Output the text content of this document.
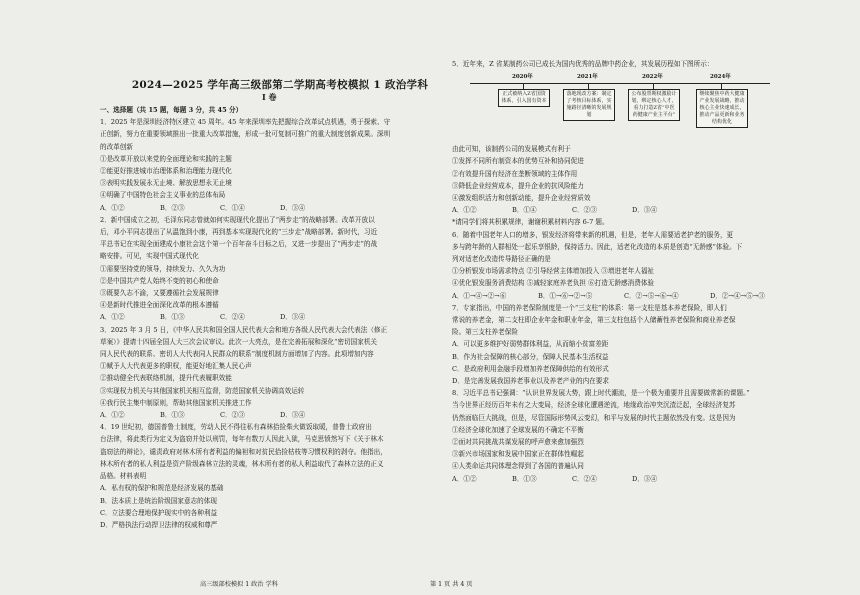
2024—2025 学年高三级部第二学期高考校模拟 1 政治学科
I 卷
一、选择题（共 15 题，每题 3 分，共 45 分）
1．2025 年是深圳经济特区建立 45 周年。45 年来深圳率先把握综合改革试点机遇，勇于探索、守
正创新，努力在重要领域推出一批重大改革措施，形成一批可复制可推广的重大制度创新成果。深圳
的改革创新
①是改革开放以来党的全面理论和实践的主题
②能更好推进城市治理体系和治理能力现代化
③表明实践发展永无止境、解放思想永无止境
④明确了中国特色社会主义事业的总体布局
A．①②	B．②③	C．①④	D．③④
2．新中国成立之初，毛泽东同志曾就如何实现现代化提出了“两步走”的战略部署。改革开放以
后，邓小平同志提出了从温饱到小康，再到基本实现现代化的“三步走”战略部署。新时代，习近
平总书记在实现全面建成小康社会这个第一个百年奋斗目标之后，又进一步提出了“两步走”的战
略安排。可见，实现中国式现代化
①需要坚持党的领导，持续发力、久久为功
②是中国共产党人始终不变的初心和使命
③既要久志不渝，又要遵循社会发展规律
④是新时代推进全面深化改革的根本遵循
A．①②	B．①③	C．②④	D．③④
3．2025 年 3 月 5 日，《中华人民共和国全国人民代表大会和地方各级人民代表大会代表法（修正
草案）》提请十四届全国人大三次会议审议。此次一大亮点，是在完善拓展和深化“密切国家机关
同人民代表的联系、密切人大代表同人民群众的联系”制度机制方面增加了内容。此项增加内容
①赋予人大代表更多的职权，能更好地汇集人民心声
②推动健全代表联络机制，提升代表履职效能
③实现权力机关与其他国家机关相互监督，防范国家机关协调高效运转
④我行民主集中制原则，帮助其他国家机关推进工作
A．①②	B．①③	C．②③	D．③④
4．19 世纪初，德国普鲁士制度，劳动人民不得往私有森林拾捡柴火做饭取暖，普鲁士政府出
台法律，将此类行为定义为盗窃并处以刑罚，每年有数万人因此入狱，马克思愤然写下《关于林木
盗窃法的辩论》，谴责政府对林木所有者利益的偏袒和对贫民拾捡枯枝等习惯权利的剥夺。他指出，
林木所有者的私人利益是资产阶级森林立法的灵魂，林木所有者的私人利益取代了森林立法的正义
品格。材料表明
A．私有权的保护和规范是经济发展的基础
B．法本质上是统治阶级国家意志的体现
C．立法要合理地保护现实中的各种利益
D．严格执法行动捍卫法律的权威和尊严
5．近年来，Z 省某制药公司已成长为国内优秀的品牌中药企业，其发展历程如下图所示：
由此可知，该制药公司的发展模式有利于
①发挥不同所有制资本的优势互补和协同促进
②有效提升国有经济在垄断领域的主体作用
③降低企业经营成本，提升企业的抗风险能力
④激发组织活力和创新动能，提升企业经营质效
A．①②	B．①④	C．②③	D．③④
*请同学们将其积累规律，谢谢积累材料内容 6-7 题。
6．随着中国老年人口的增多，银发经济将带来新的机遇，但是，老年人需要适老护老的服务，更
多与跨年龄的人群相处一起乐享银龄，保持活力。因此，适老化改造的本质是创造“无龄感”体验。下
列对适老化改造传导路径正确的是
①分析银发市场需求特点 ②引导经营主体增加投入 ③增进老年人福祉
④优化银发服务消费结构 ⑤减轻家庭养老负担 ⑥打造无龄感消费体验
A．①→④→②→⑥	B．①→⑥→②→⑤	C．②→⑤→⑥→④	D．②→④→⑤→③
7．专家指出，中国的养老保险制度是一个“三支柱”的体系：第一支柱是基本养老保险，即人们
常说的养老金，第二支柱即企业年金和职业年金，第三支柱包括个人储蓄性养老保险和商业养老保
险。第三支柱养老保险
A．可以更多维护好弱势群体利益，从而缩小贫富差距
B．作为社会保障的核心部分，保障人民基本生活权益
C．是政府利用金融手段增加养老保障供给的有效形式
D．是完善发展我国养老事业以及养老产业的内在要求
8．习近平总书记强调：“认识世界发展大势，跟上时代潮流，是一个极为重要并且需要做常新的课题。”
当今世界正经历百年未有之大变局，经济全球化遭遇逆流，地缘政治冲突沉渣泛起，全球经济复苏
仍然面临巨大挑战，但是，尽管国际形势风云变幻，和平与发展的时代主题依然没有变。这是因为
①经济全球化加速了全球发展的不确定不平衡
②面对共同挑战共谋发展的呼声愈来愈加强烈
③新兴市场国家和发展中国家正在群体性崛起
④人类命运共同体理念得到了各国的普遍认同
A．①②	B．①③	C．②④	D．③④
2020年
正式被纳入Z省国资体系，引入国有资本
2021年
落地现改方案：制定了考核目标体系，实施路径清晰的发展规划
2022年
公布股票期权激励计划，绑定核心人才，看力打造Z省“中医药健康产业主平台”
2024年
继续聚焦中药大健康产业发展战略，推动核心主业快速成长，推动产品更新和业务结构优化
高三级部校模拟 1 政治 学科	第 1 页 共 4 页
